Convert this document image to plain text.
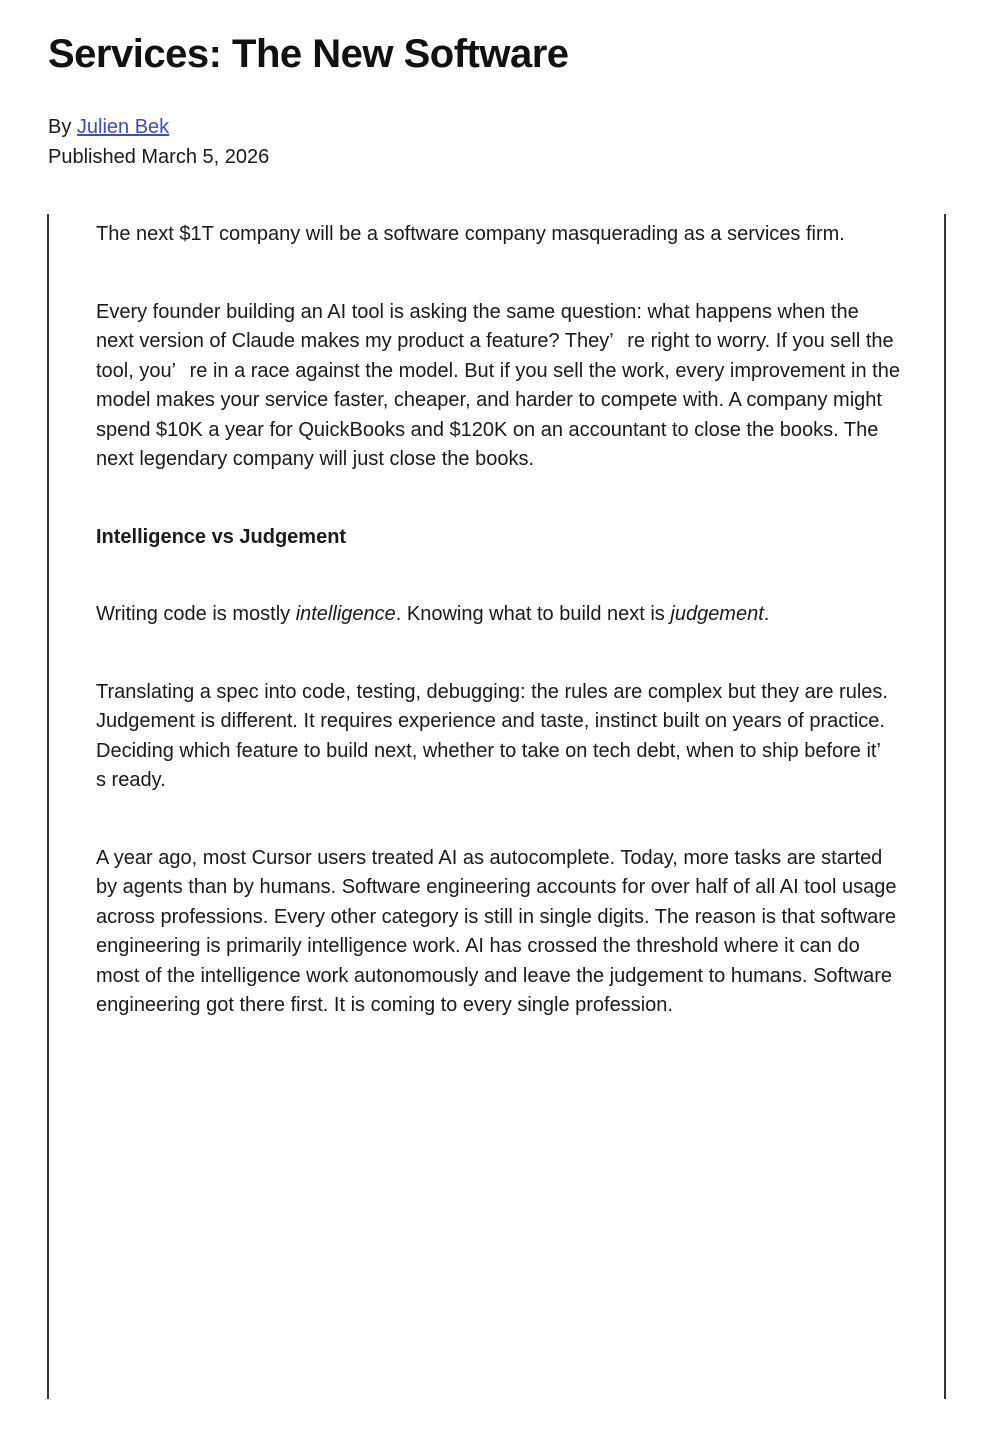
Services: The New Software
By Julien Bek
Published March 5, 2026

The next $1T company will be a software company masquerading as a services firm.

Every founder building an AI tool is asking the same question: what happens when the next version of Claude makes my product a feature? They’ re right to worry. If you sell the tool, you’ re in a race against the model. But if you sell the work, every improvement in the model makes your service faster, cheaper, and harder to compete with. A company might spend $10K a year for QuickBooks and $120K on an accountant to close the books. The next legendary company will just close the books.

Intelligence vs Judgement

Writing code is mostly intelligence. Knowing what to build next is judgement.

Translating a spec into code, testing, debugging: the rules are complex but they are rules. Judgement is different. It requires experience and taste, instinct built on years of practice. Deciding which feature to build next, whether to take on tech debt, when to ship before it’s ready.

A year ago, most Cursor users treated AI as autocomplete. Today, more tasks are started by agents than by humans. Software engineering accounts for over half of all AI tool usage across professions. Every other category is still in single digits. The reason is that software engineering is primarily intelligence work. AI has crossed the threshold where it can do most of the intelligence work autonomously and leave the judgement to humans. Software engineering got there first. It is coming to every single profession.
